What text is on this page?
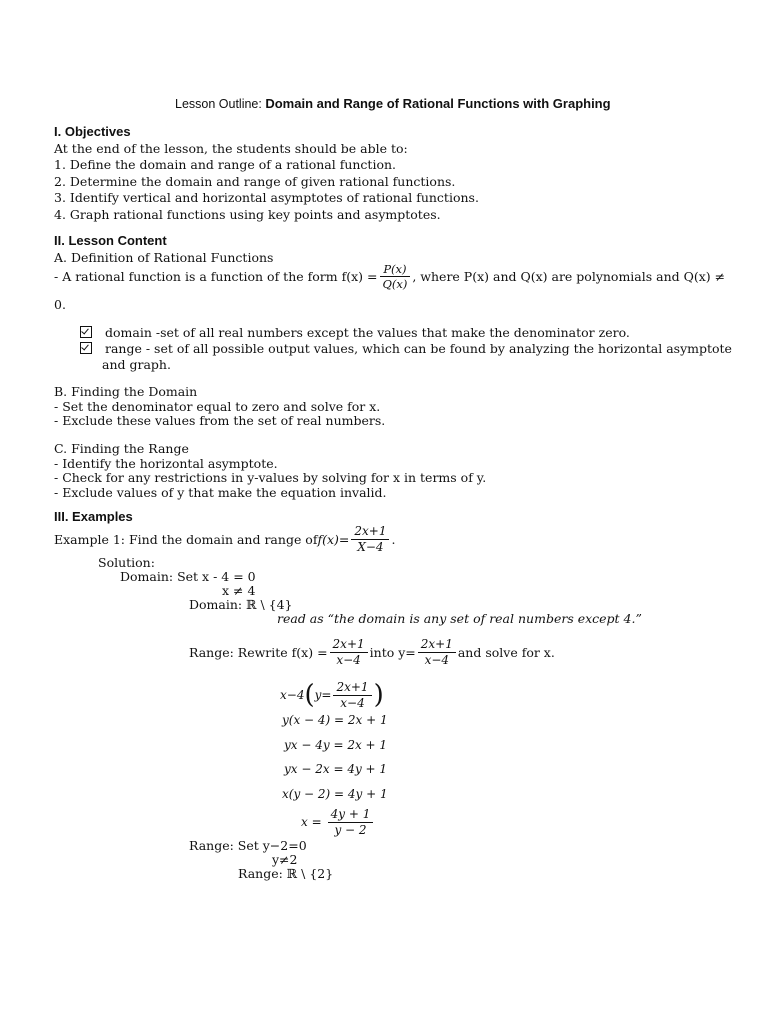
Lesson Outline: Domain and Range of Rational Functions with Graphing
I. Objectives
At the end of the lesson, the students should be able to:
1. Define the domain and range of a rational function.
2. Determine the domain and range of given rational functions.
3. Identify vertical and horizontal asymptotes of rational functions.
4. Graph rational functions using key points and asymptotes.
II. Lesson Content
A. Definition of Rational Functions
- A rational function is a function of the form $f(x) = \frac{P(x)}{Q(x)}$ , where P(x) and Q(x) are polynomials and Q(x) ≠
0.
domain -set of all real numbers except the values that make the denominator zero.
range - set of all possible output values, which can be found by analyzing the horizontal asymptote
and graph.
B. Finding the Domain
- Set the denominator equal to zero and solve for x.
- Exclude these values from the set of real numbers.
C. Finding the Range
- Identify the horizontal asymptote.
- Check for any restrictions in y-values by solving for x in terms of y.
- Exclude values of y that make the equation invalid.
III. Examples
Example 1: Find the domain and range of $f(x) = \frac{2x+1}{X-4}$ .
Solution:
Domain: Set x - 4 = 0
x ≠ 4
Domain: ℝ \ {4}
read as “the domain is any set of real numbers except 4.”
Range: Rewrite $f(x) = \frac{2x+1}{x-4}$ into $y= \frac{2x+1}{x-4}$ and solve for x.
x−4 ( $y= \frac{2x+1}{x-4}$ )
y(x − 4) = 2x + 1
yx − 4y = 2x + 1
yx − 2x = 4y + 1
x(y − 2) = 4y + 1
$x = \frac{4y + 1}{y - 2}$
Range: Set y−2=0
y≠2
Range: ℝ \ {2}
